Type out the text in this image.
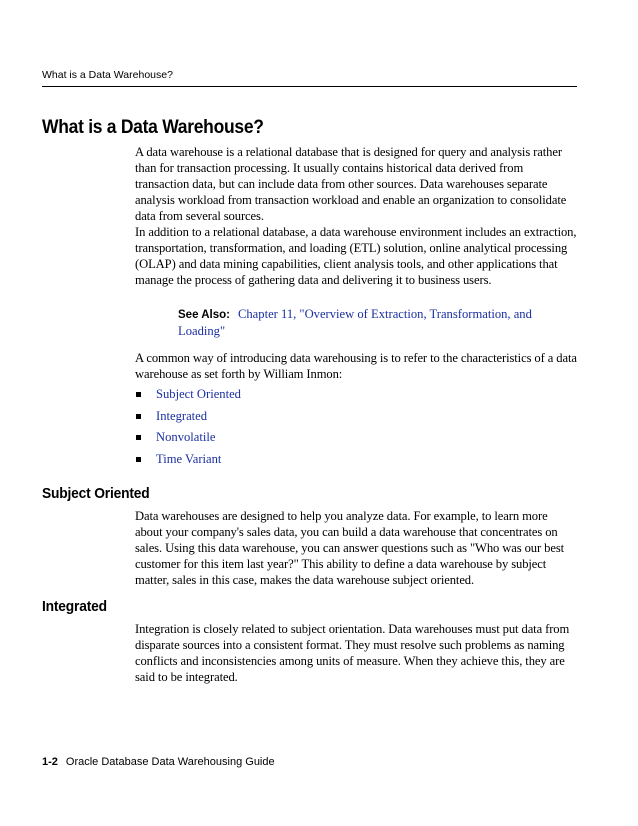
What is a Data Warehouse?
What is a Data Warehouse?

A data warehouse is a relational database that is designed for query and analysis rather than for transaction processing. It usually contains historical data derived from transaction data, but can include data from other sources. Data warehouses separate analysis workload from transaction workload and enable an organization to consolidate data from several sources.

In addition to a relational database, a data warehouse environment includes an extraction, transportation, transformation, and loading (ETL) solution, online analytical processing (OLAP) and data mining capabilities, client analysis tools, and other applications that manage the process of gathering data and delivering it to business users.

See Also: Chapter 11, "Overview of Extraction, Transformation, and Loading"

A common way of introducing data warehousing is to refer to the characteristics of a data warehouse as set forth by William Inmon:

Subject Oriented
Integrated
Nonvolatile
Time Variant
Subject Oriented

Data warehouses are designed to help you analyze data. For example, to learn more about your company's sales data, you can build a data warehouse that concentrates on sales. Using this data warehouse, you can answer questions such as "Who was our best customer for this item last year?" This ability to define a data warehouse by subject matter, sales in this case, makes the data warehouse subject oriented.

Integrated

Integration is closely related to subject orientation. Data warehouses must put data from disparate sources into a consistent format. They must resolve such problems as naming conflicts and inconsistencies among units of measure. When they achieve this, they are said to be integrated.

1-2 Oracle Database Data Warehousing Guide
